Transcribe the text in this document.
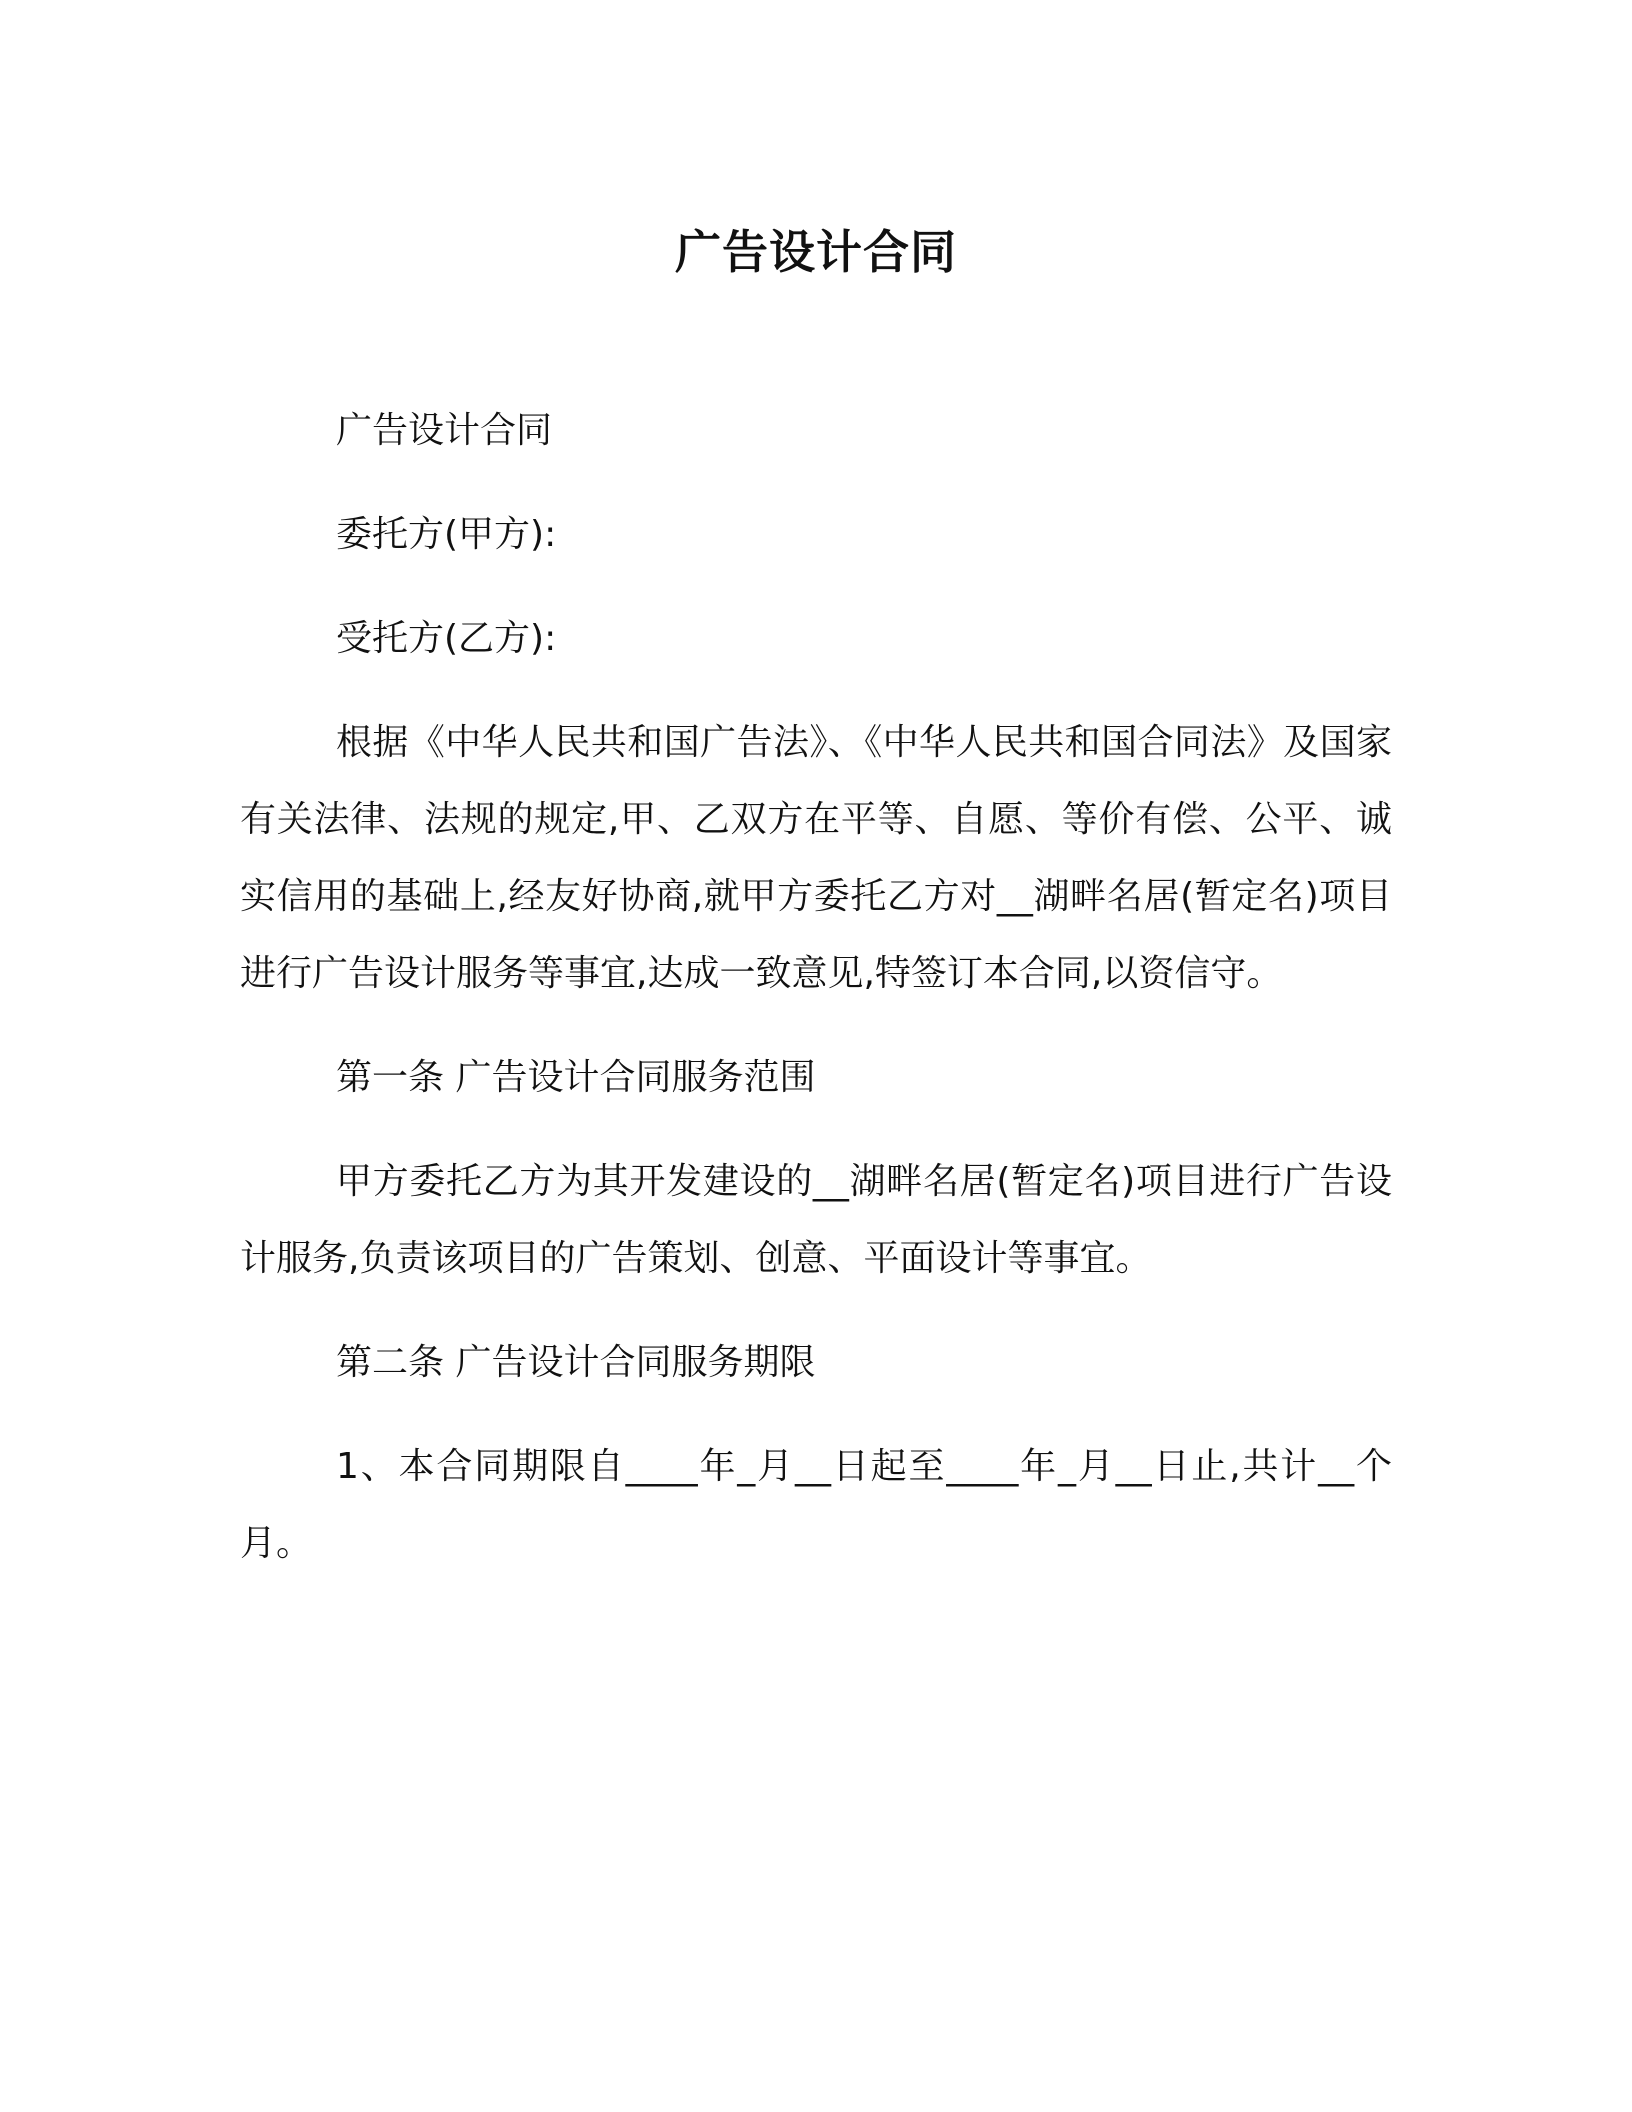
广告设计合同

广告设计合同

委托方(甲方):

受托方(乙方):

根据《中华人民共和国广告法》、《中华人民共和国合同法》及国家有关法律、法规的规定,甲、乙双方在平等、自愿、等价有偿、公平、诚实信用的基础上,经友好协商,就甲方委托乙方对__湖畔名居(暂定名)项目进行广告设计服务等事宜,达成一致意见,特签订本合同,以资信守。

第一条 广告设计合同服务范围

甲方委托乙方为其开发建设的__湖畔名居(暂定名)项目进行广告设计服务,负责该项目的广告策划、创意、平面设计等事宜。

第二条 广告设计合同服务期限

1、本合同期限自____年_月__日起至____年_月__日止,共计__个月。
